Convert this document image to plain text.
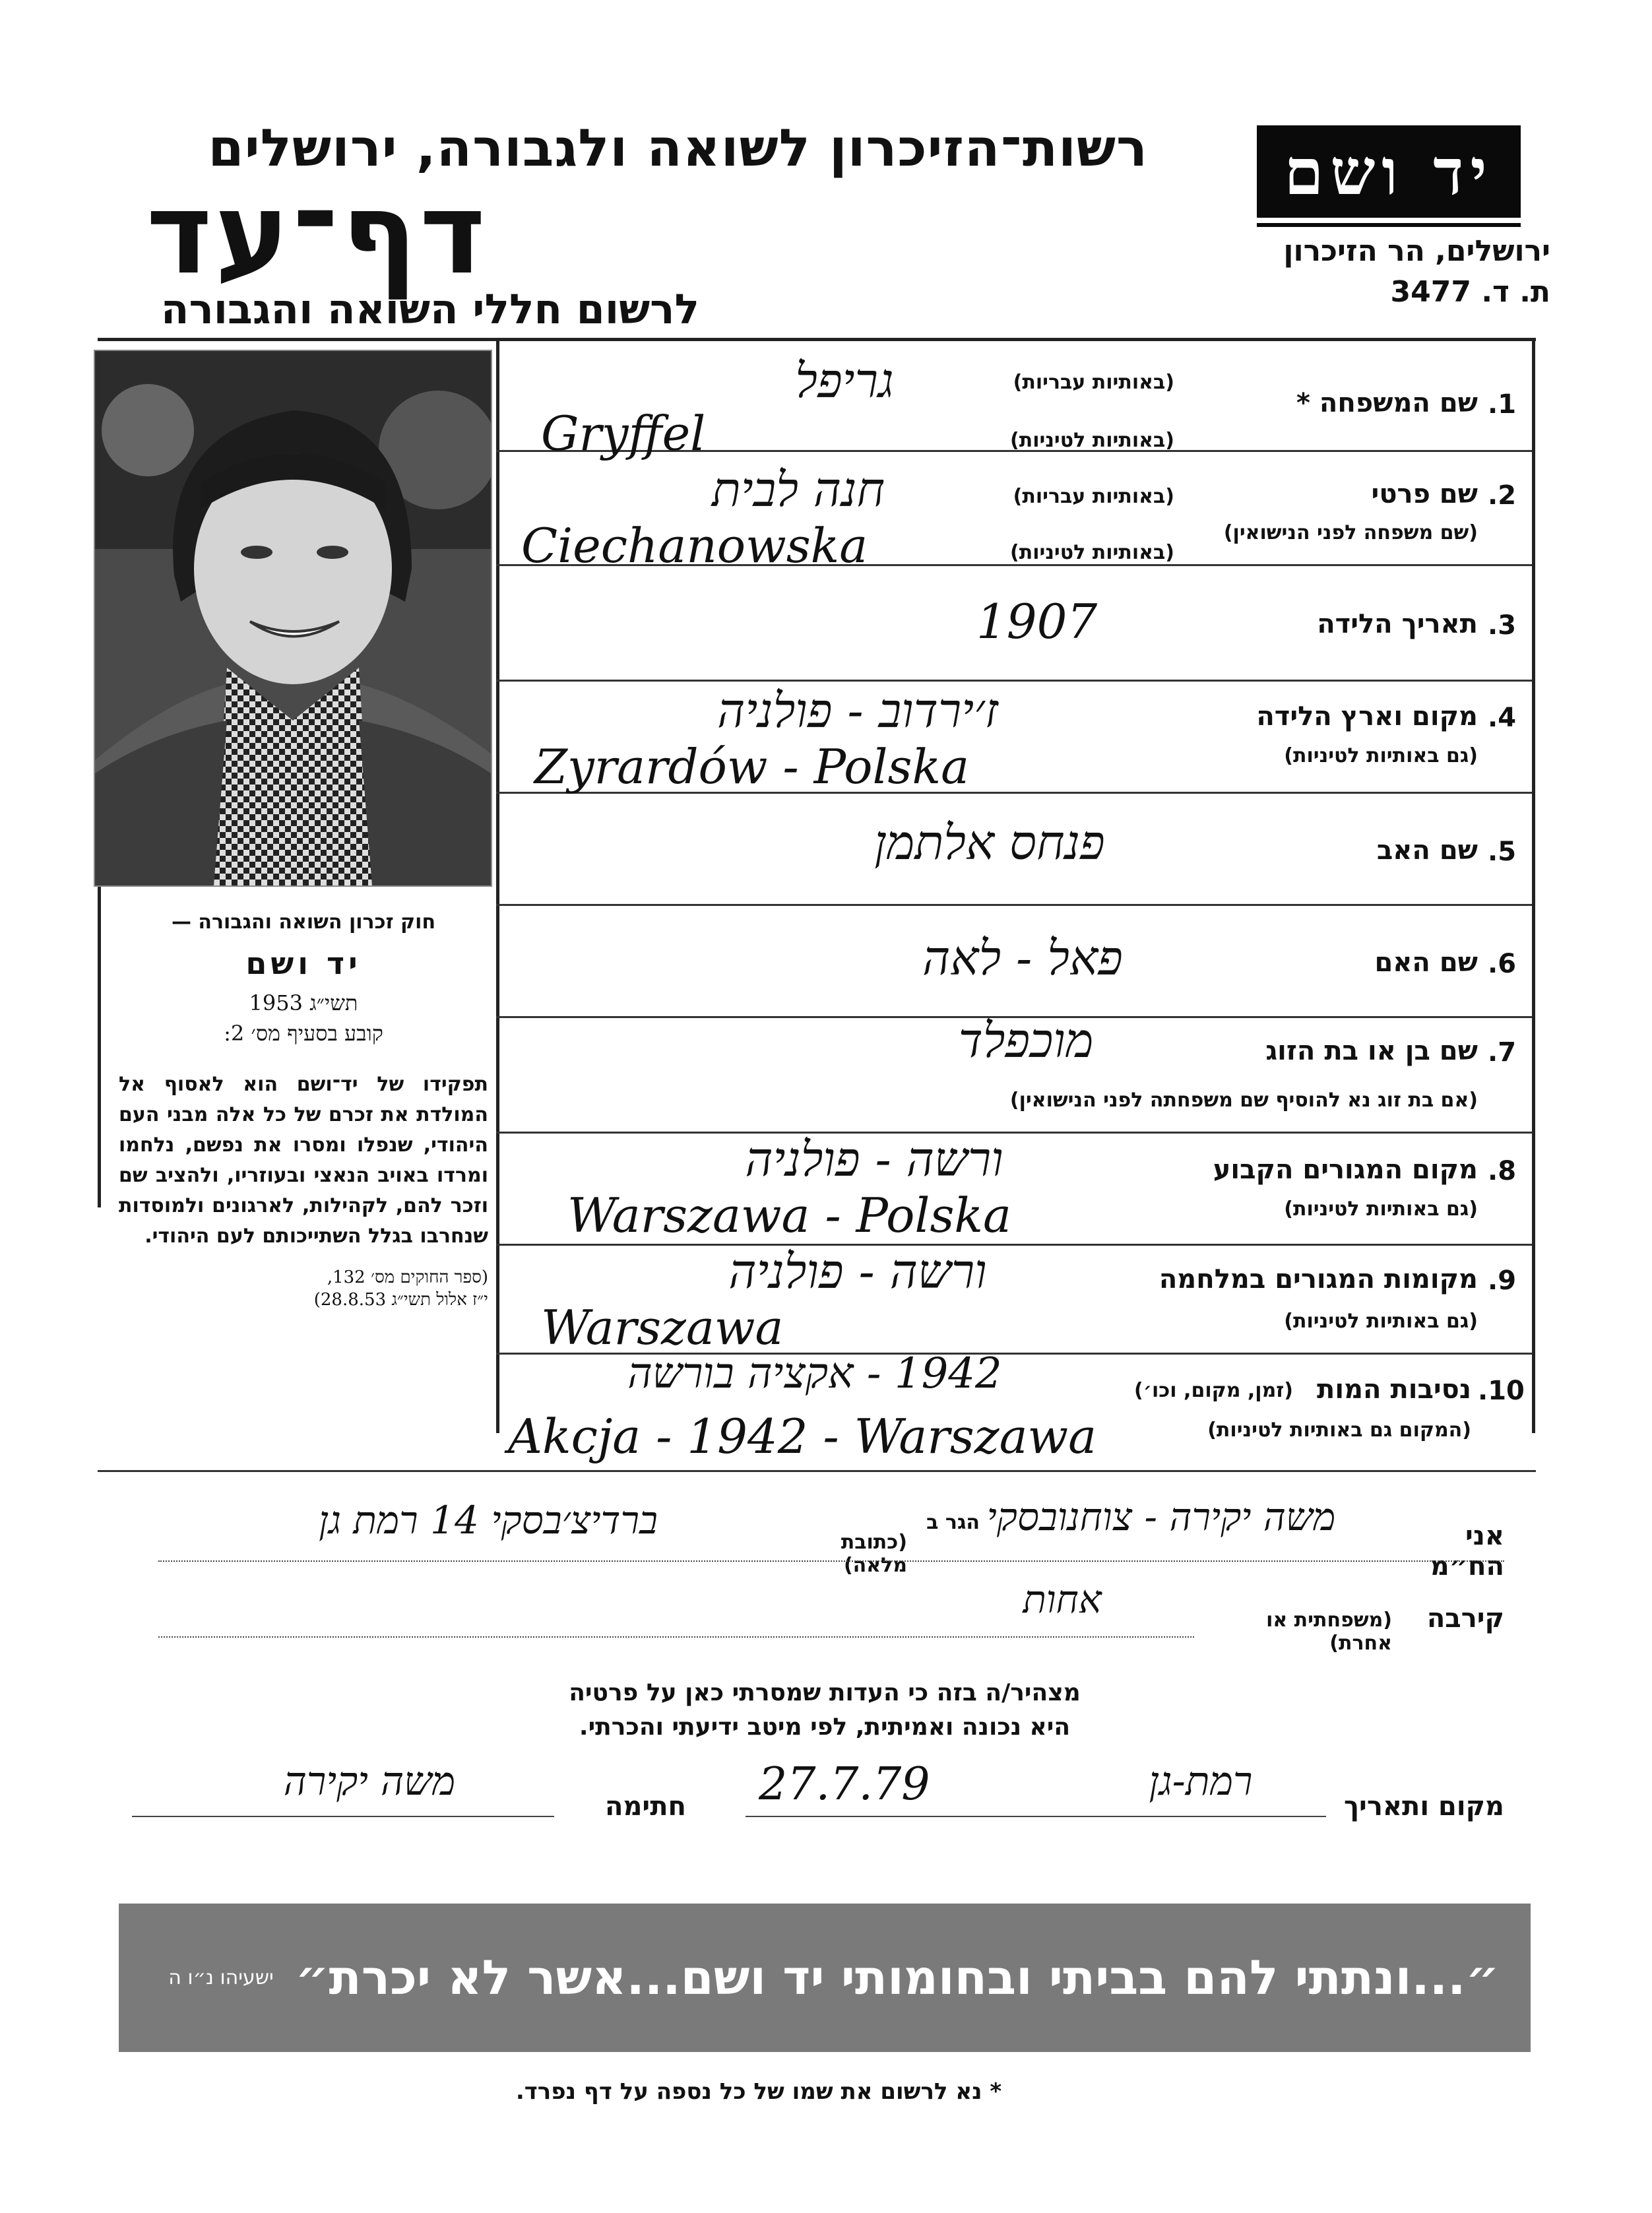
רשות־הזיכרון לשואה ולגבורה, ירושלים
דף־עד
לרשום חללי השואה והגבורה
יד ושם
ירושלים, הר הזיכרון
ת. ד. 3477

חוק זכרון השואה והגבורה —

יד ושם

תשי״ג 1953

קובע בסעיף מס׳ 2:

תפקידו של יד־ושם הוא לאסוף אל המולדת את זכרם של כל אלה מבני העם היהודי, שנפלו ומסרו את נפשם, נלחמו ומרדו באויב הנאצי ובעוזריו, ולהציב שם וזכר להם, לקהילות, לארגונים ולמוסדות שנחרבו בגלל השתייכותם לעם היהודי.

(ספר החוקים מס׳ 132,

י״ז אלול תשי״ג 28.8.53)

.1
שם המשפחה *
(באותיות עבריות)
(באותיות לטיניות)
גריפל
Gryffel
.2
שם פרטי
(שם משפחה לפני הנישואין)
(באותיות עבריות)
(באותיות לטיניות)
חנה לבית
Ciechanowska
.3
תאריך הלידה
1907
.4
מקום וארץ הלידה
(גם באותיות לטיניות)
ז׳ירדוב - פולניה
Zyrardów - Polska
.5
שם האב
פנחס אלתמן
.6
שם האם
פאל - לאה
.7
שם בן או בת הזוג
(אם בת זוג נא להוסיף שם משפחתה לפני הנישואין)
מוכפלד
.8
מקום המגורים הקבוע
(גם באותיות לטיניות)
ורשה - פולניה
Warszawa - Polska
.9
מקומות המגורים במלחמה
(גם באותיות לטיניות)
ורשה - פולניה
Warszawa
.10
נסיבות המות
(זמן, מקום, וכו׳)
(המקום גם באותיות לטיניות)
1942 - אקציה בורשה
Akcja - 1942 - Warszawa
אני הח״מ
משה יקירה - צוחנובסקי
(כתובת מלאה)
הגר ב
ברדיצ׳בסקי 14 רמת גן
קירבה
(משפחתית או אחרת)
אחות
מצהיר/ה בזה כי העדות שמסרתי כאן על פרטיה
היא נכונה ואמיתית, לפי מיטב ידיעתי והכרתי.
מקום ותאריך
רמת-גן
27.7.79
חתימה
משה יקירה
״...ונתתי להם בביתי ובחומותי יד ושם...אשר לא יכרת״
ישעיהו נ״ו ה
* נא לרשום את שמו של כל נספה על דף נפרד.
